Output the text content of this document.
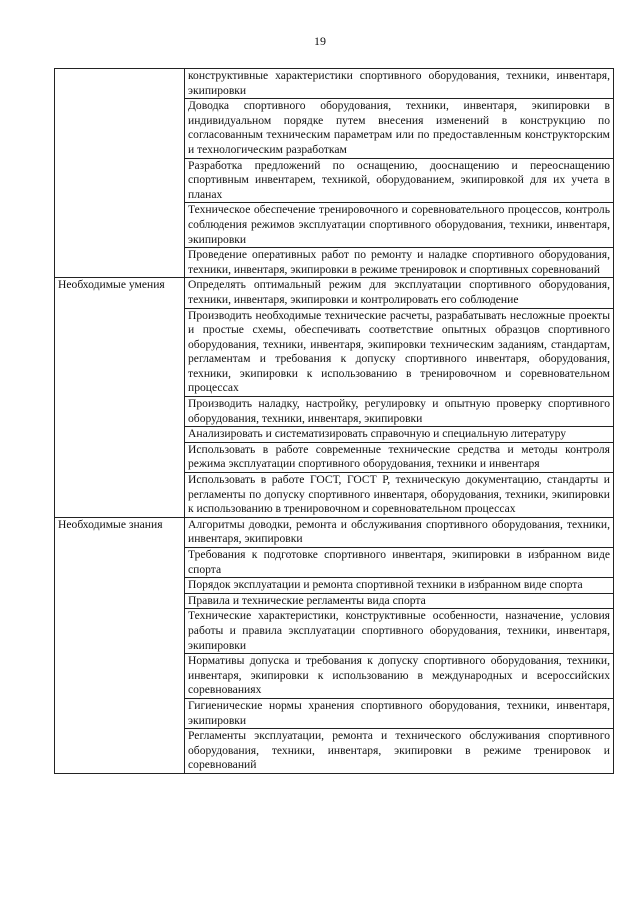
19
	конструктивные характеристики спортивного оборудования, техники, инвентаря, экипировки
	Доводка спортивного оборудования, техники, инвентаря, экипировки в индивидуальном порядке путем внесения изменений в конструкцию по согласованным техническим параметрам или по предоставленным конструкторским и технологическим разработкам
	Разработка предложений по оснащению, дооснащению и переоснащению спортивным инвентарем, техникой, оборудованием, экипировкой для их учета в планах
	Техническое обеспечение тренировочного и соревновательного процессов, контроль соблюдения режимов эксплуатации спортивного оборудования, техники, инвентаря, экипировки
	Проведение оперативных работ по ремонту и наладке спортивного оборудования, техники, инвентаря, экипировки в режиме тренировок и спортивных соревнований
Необходимые умения	Определять оптимальный режим для эксплуатации спортивного оборудования, техники, инвентаря, экипировки и контролировать его соблюдение
	Производить необходимые технические расчеты, разрабатывать несложные проекты и простые схемы, обеспечивать соответствие опытных образцов спортивного оборудования, техники, инвентаря, экипировки техническим заданиям, стандартам, регламентам и требования к допуску спортивного инвентаря, оборудования, техники, экипировки к использованию в тренировочном и соревновательном процессах
	Производить наладку, настройку, регулировку и опытную проверку спортивного оборудования, техники, инвентаря, экипировки
	Анализировать и систематизировать справочную и специальную литературу
	Использовать в работе современные технические средства и методы контроля режима эксплуатации спортивного оборудования, техники и инвентаря
	Использовать в работе ГОСТ, ГОСТ Р, техническую документацию, стандарты и регламенты по допуску спортивного инвентаря, оборудования, техники, экипировки к использованию в тренировочном и соревновательном процессах
Необходимые знания	Алгоритмы доводки, ремонта и обслуживания спортивного оборудования, техники, инвентаря, экипировки
	Требования к подготовке спортивного инвентаря, экипировки в избранном виде спорта
	Порядок эксплуатации и ремонта спортивной техники в избранном виде спорта
	Правила и технические регламенты вида спорта
	Технические характеристики, конструктивные особенности, назначение, условия работы и правила эксплуатации спортивного оборудования, техники, инвентаря, экипировки
	Нормативы допуска и требования к допуску спортивного оборудования, техники, инвентаря, экипировки к использованию в международных и всероссийских соревнованиях
	Гигиенические нормы хранения спортивного оборудования, техники, инвентаря, экипировки
	Регламенты эксплуатации, ремонта и технического обслуживания спортивного оборудования, техники, инвентаря, экипировки в режиме тренировок и соревнований
